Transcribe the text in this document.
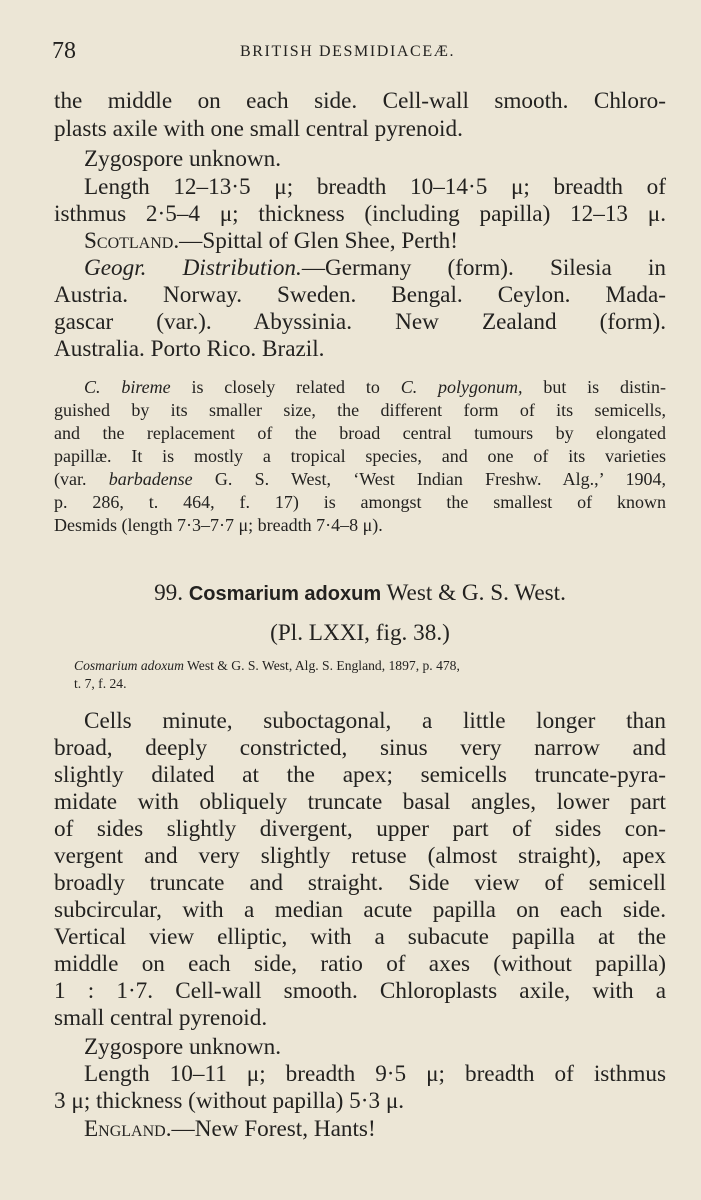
78	BRITISH DESMIDIACEÆ.
the middle on each side. Cell-wall smooth. Chloro-
plasts axile with one small central pyrenoid.
Zygospore unknown.
Length 12–13·5 μ; breadth 10–14·5 μ; breadth of
isthmus 2·5–4 μ; thickness (including papilla) 12–13 μ.
Scotland.—Spittal of Glen Shee, Perth!
Geogr. Distribution.—Germany (form). Silesia in
Austria. Norway. Sweden. Bengal. Ceylon. Mada-
gascar (var.). Abyssinia. New Zealand (form).
Australia. Porto Rico. Brazil.
C. bireme is closely related to C. polygonum, but is distin-
guished by its smaller size, the different form of its semicells,
and the replacement of the broad central tumours by elongated
papillæ. It is mostly a tropical species, and one of its varieties
(var. barbadense G. S. West, ‘West Indian Freshw. Alg.,’ 1904,
p. 286, t. 464, f. 17) is amongst the smallest of known
Desmids (length 7·3–7·7 μ; breadth 7·4–8 μ).
99. Cosmarium adoxum West & G. S. West.
(Pl. LXXI, fig. 38.)
Cosmarium adoxum West & G. S. West, Alg. S. England, 1897, p. 478,
t. 7, f. 24.
Cells minute, suboctagonal, a little longer than
broad, deeply constricted, sinus very narrow and
slightly dilated at the apex; semicells truncate-pyra-
midate with obliquely truncate basal angles, lower part
of sides slightly divergent, upper part of sides con-
vergent and very slightly retuse (almost straight), apex
broadly truncate and straight. Side view of semicell
subcircular, with a median acute papilla on each side.
Vertical view elliptic, with a subacute papilla at the
middle on each side, ratio of axes (without papilla)
1 : 1·7. Cell-wall smooth. Chloroplasts axile, with a
small central pyrenoid.
Zygospore unknown.
Length 10–11 μ; breadth 9·5 μ; breadth of isthmus
3 μ; thickness (without papilla) 5·3 μ.
England.—New Forest, Hants!
